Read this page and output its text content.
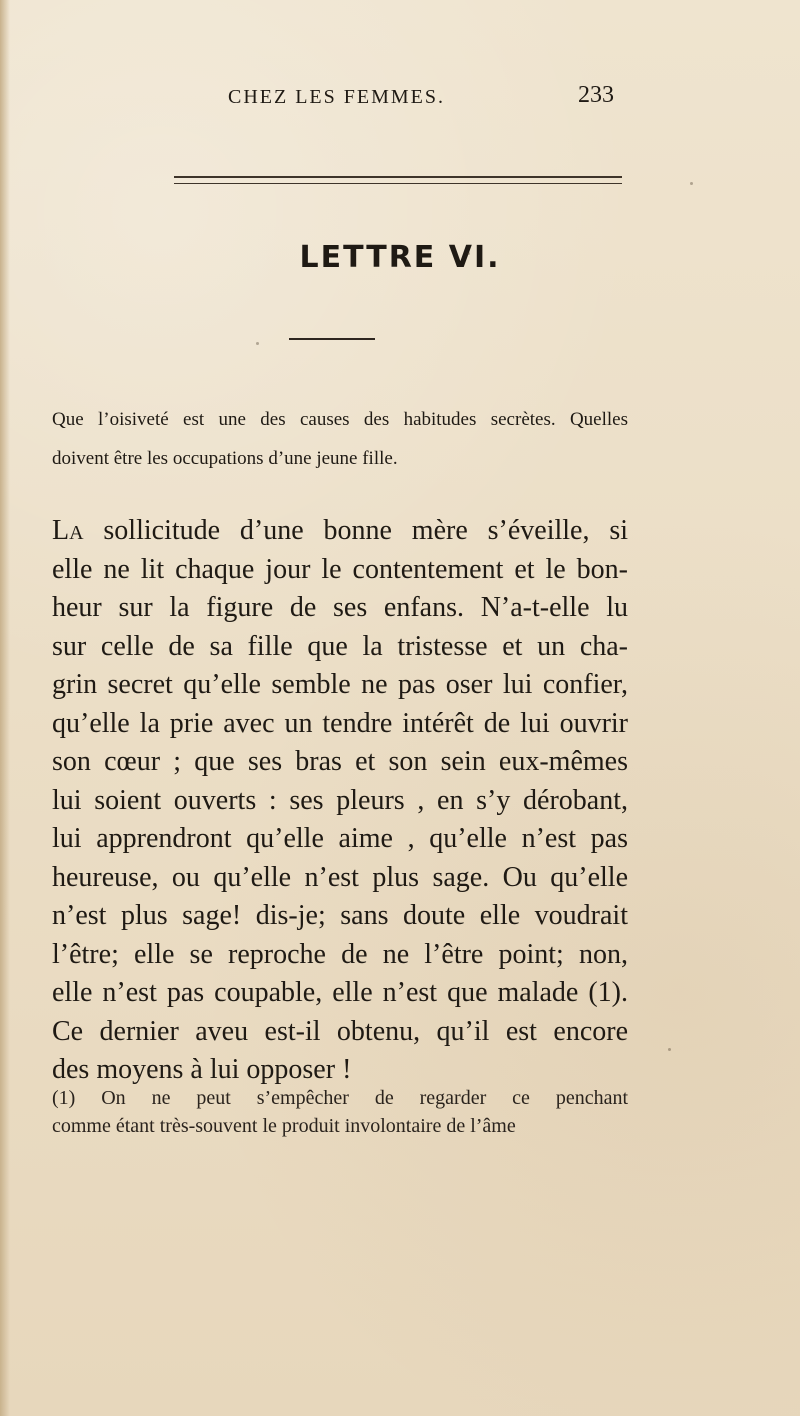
CHEZ LES FEMMES.	233
LETTRE VI.
Que l’oisiveté est une des causes des habitudes secrètes. Quelles
doivent être les occupations d’une jeune fille.
La sollicitude d’une bonne mère s’éveille, si
elle ne lit chaque jour le contentement et le bon-
heur sur la figure de ses enfans. N’a-t-elle lu
sur celle de sa fille que la tristesse et un cha-
grin secret qu’elle semble ne pas oser lui confier,
qu’elle la prie avec un tendre intérêt de lui ouvrir
son cœur ; que ses bras et son sein eux-mêmes
lui soient ouverts : ses pleurs , en s’y dérobant,
lui apprendront qu’elle aime , qu’elle n’est pas
heureuse, ou qu’elle n’est plus sage. Ou qu’elle
n’est plus sage! dis-je; sans doute elle voudrait
l’être; elle se reproche de ne l’être point; non,
elle n’est pas coupable, elle n’est que malade (1).
Ce dernier aveu est-il obtenu, qu’il est encore
des moyens à lui opposer !
(1) On ne peut s’empêcher de regarder ce penchant
comme étant très-souvent le produit involontaire de l’âme
